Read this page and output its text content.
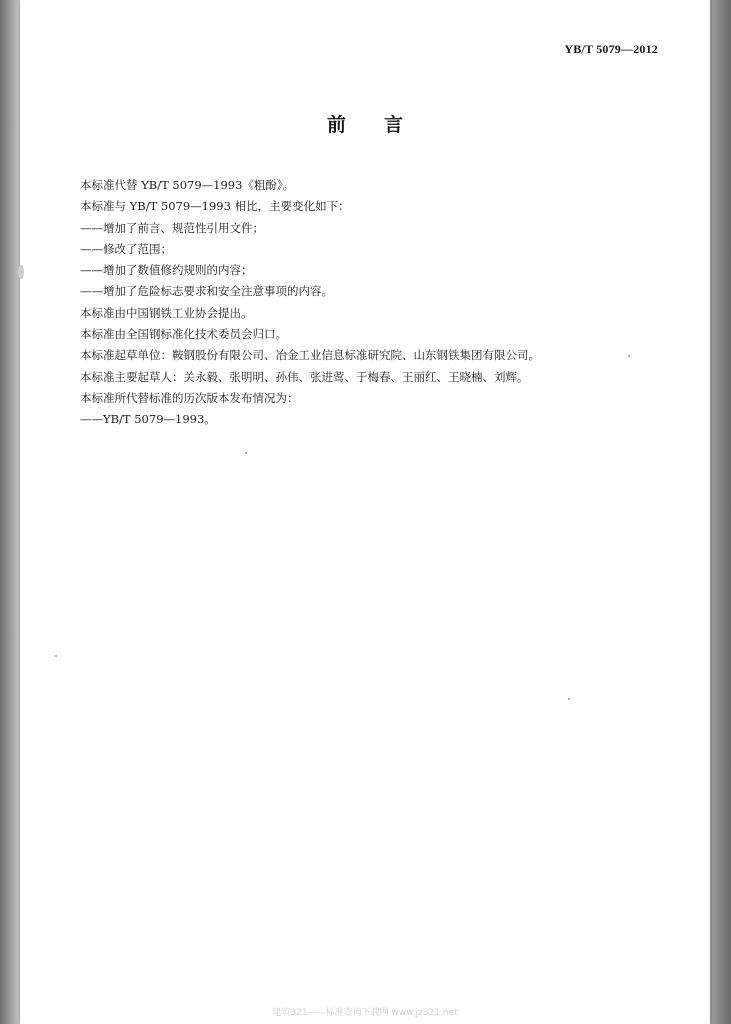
YB/T 5079—2012
前言
本标准代替 YB/T 5079—1993《粗酚》。
本标准与 YB/T 5079—1993 相比，主要变化如下：
——增加了前言、规范性引用文件；
——修改了范围；
——增加了数值修约规则的内容；
——增加了危险标志要求和安全注意事项的内容。
本标准由中国钢铁工业协会提出。
本标准由全国钢标准化技术委员会归口。
本标准起草单位：鞍钢股份有限公司、冶金工业信息标准研究院、山东钢铁集团有限公司。
本标准主要起草人：关永毅、张明明、孙伟、张进莺、于梅春、王丽红、王晓楠、刘辉。
本标准所代替标准的历次版本发布情况为：
——YB/T 5079—1993。
建筑321——标准查询下载网 www.jz321.net
